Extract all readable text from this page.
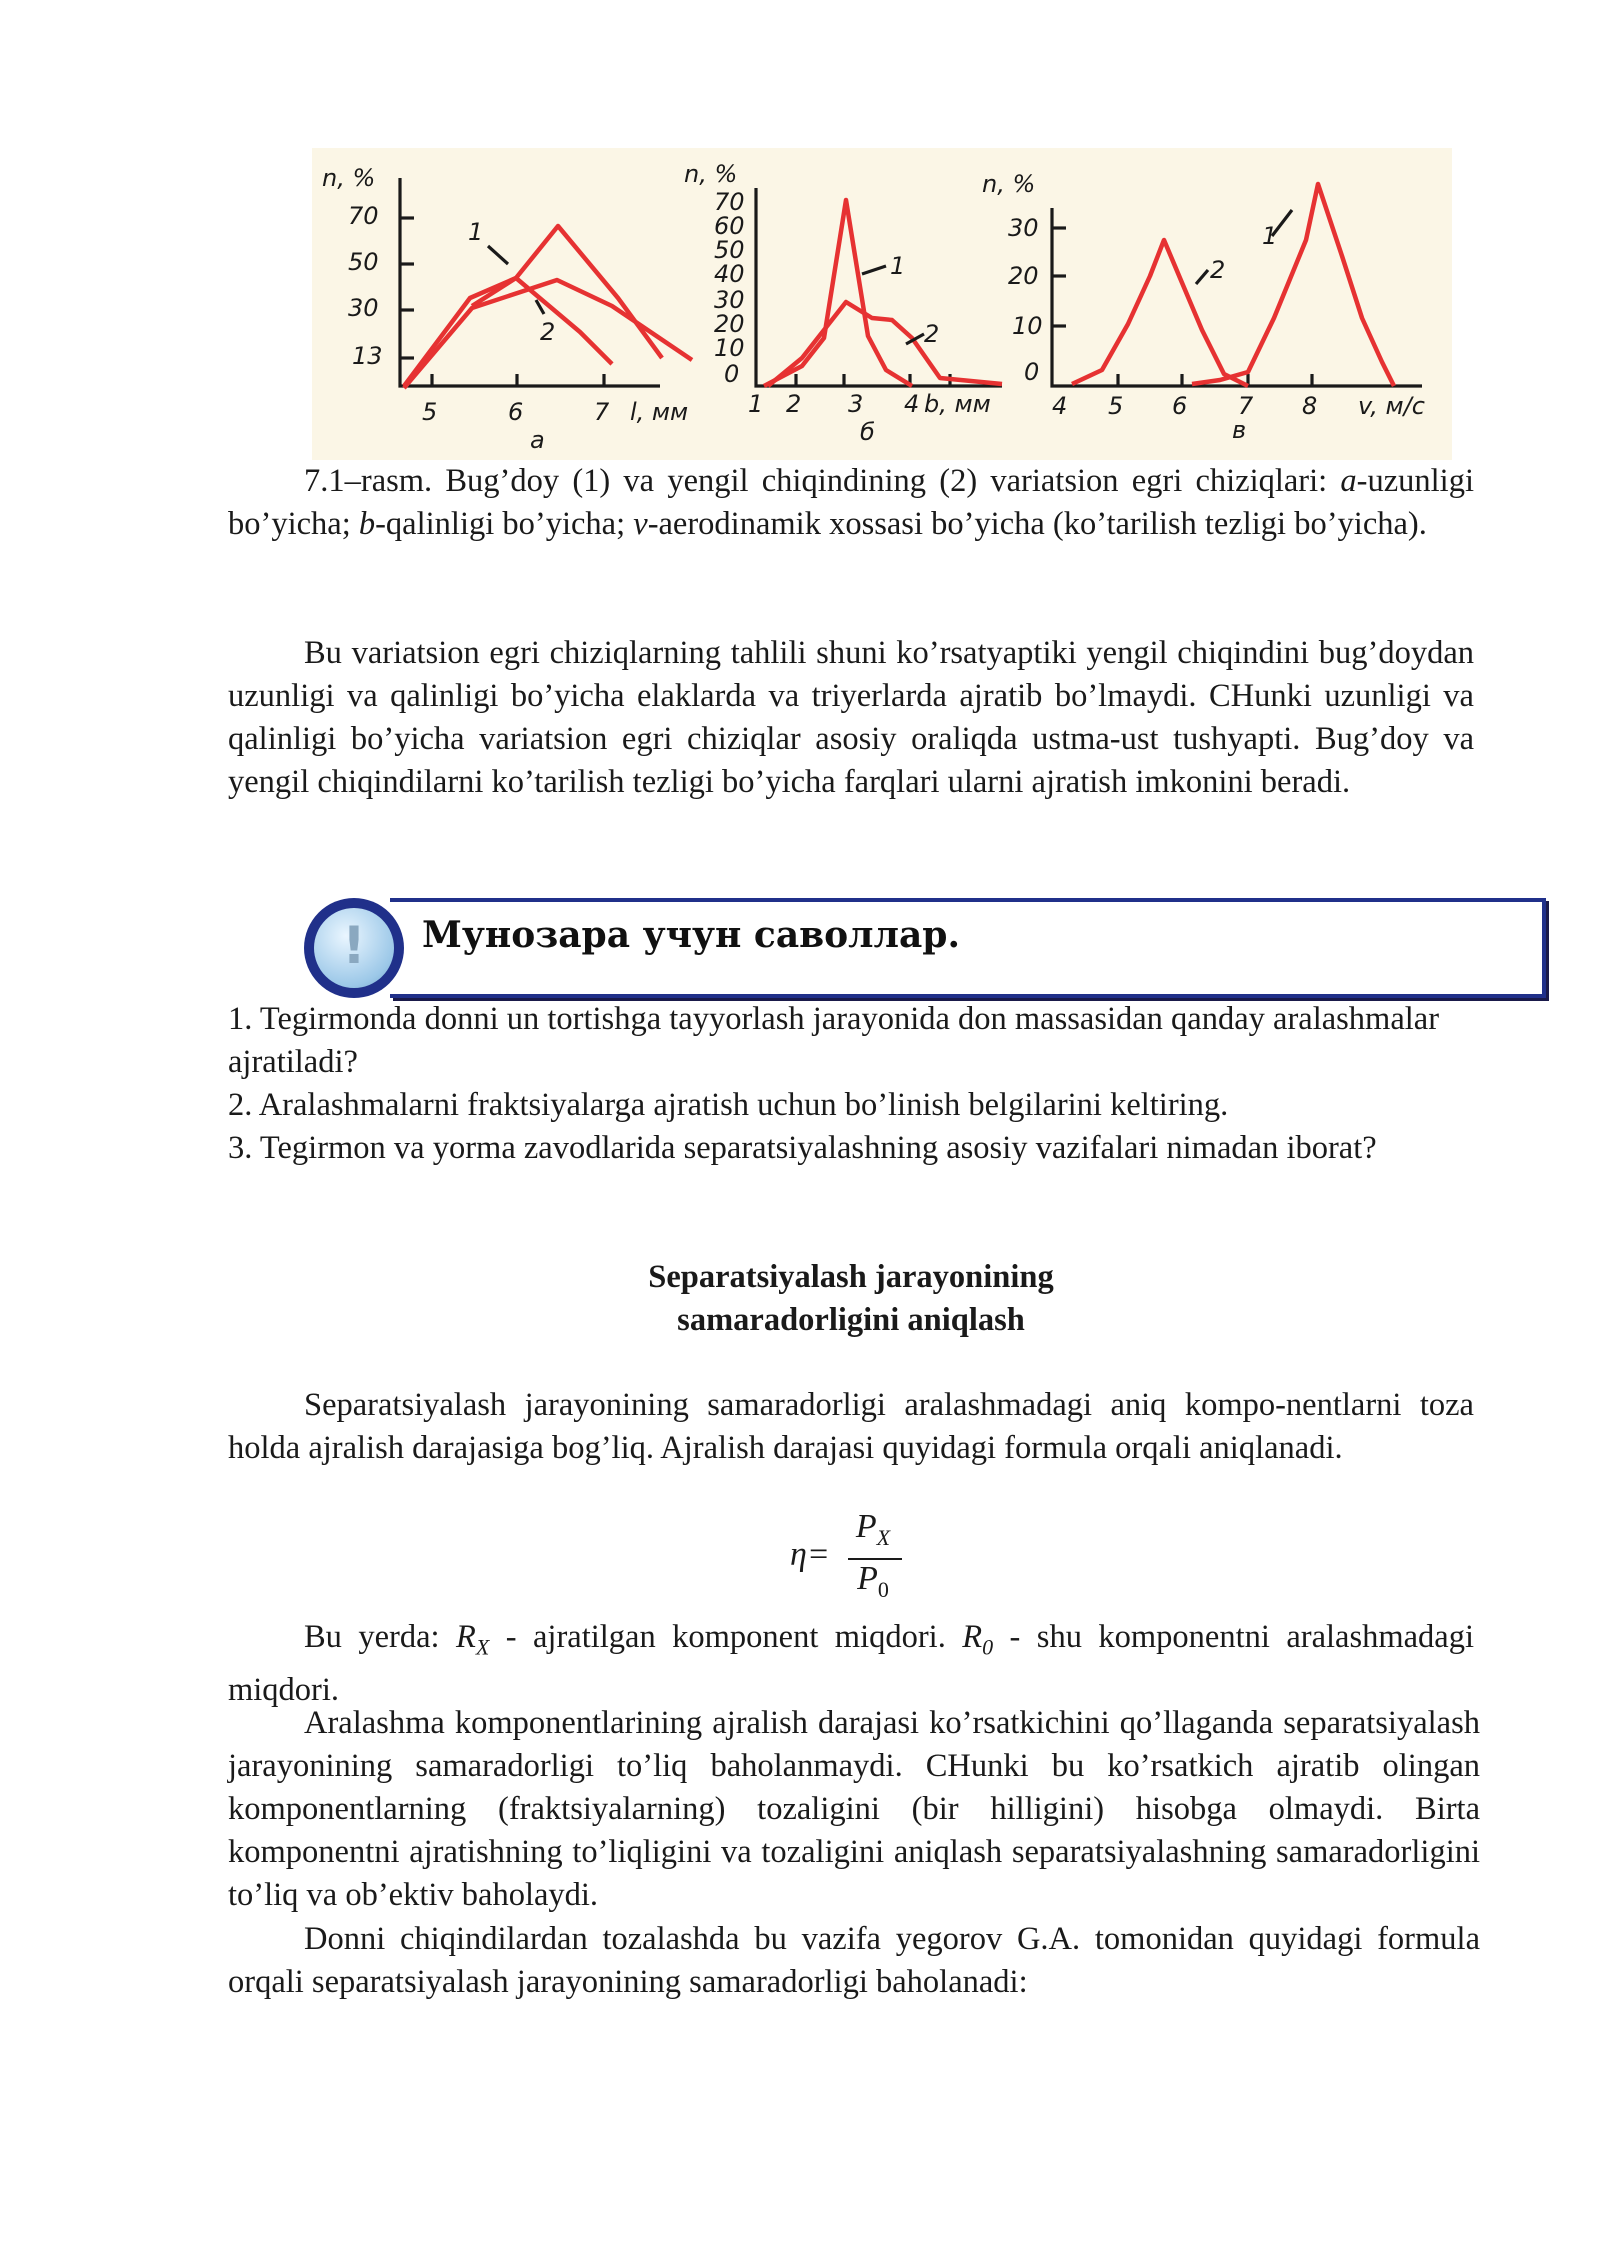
n, %
70
50
30
13
5	6	7 l, мм
а
1
2
n, %
70
60
50
40
30
20
10
0
1 2 3 4 b, мм
б
1
2
n, %
30
20
10
0
4 5 6 7 8 v, м/с
в
2
1
7.1–rasm. Bug’doy (1) va yengil chiqindining (2) variatsion egri chiziqlari: a-uzunligi bo’yicha; b-qalinligi bo’yicha; v-aerodinamik xossasi bo’yicha (ko’tarilish tezligi bo’yicha).
Bu variatsion egri chiziqlarning tahlili shuni ko’rsatyaptiki yengil chiqindini bug’doydan uzunligi va qalinligi bo’yicha elaklarda va triyerlarda ajratib bo’lmaydi. CHunki uzunligi va qalinligi bo’yicha variatsion egri chiziqlar asosiy oraliqda ustma-ust tushyapti. Bug’doy va yengil chiqindilarni ko’tarilish tezligi bo’yicha farqlari ularni ajratish imkonini beradi.
!	Мунозара учун саволлар.
1. Tegirmonda donni un tortishga tayyorlash jarayonida don massasidan qanday aralashmalar ajratiladi?
2. Aralashmalarni fraktsiyalarga ajratish uchun bo’linish belgilarini keltiring.
3. Tegirmon va yorma zavodlarida separatsiyalashning asosiy vazifalari nimadan iborat?
Separatsiyalash jarayonining
samaradorligini aniqlash
Separatsiyalash jarayonining samaradorligi aralashmadagi aniq kompo-nentlarni toza holda ajralish darajasiga bog’liq. Ajralish darajasi quyidagi formula orqali aniqlanadi.
η=
$P_X$
$P_0$
Bu yerda: $R_X$ - ajratilgan komponent miqdori. $R_0$ - shu komponentni aralashmadagi miqdori.
Aralashma komponentlarining ajralish darajasi ko’rsatkichini qo’llaganda separatsiyalash jarayonining samaradorligi to’liq baholanmaydi. CHunki bu ko’rsatkich ajratib olingan komponentlarning (fraktsiyalarning) tozaligini (bir hilligini) hisobga olmaydi. Birta komponentni ajratishning to’liqligini va tozaligini aniqlash separatsiyalashning samaradorligini to’liq va ob’ektiv baholaydi.
Donni chiqindilardan tozalashda bu vazifa yegorov G.A. tomonidan quyidagi formula orqali separatsiyalash jarayonining samaradorligi baholanadi:
